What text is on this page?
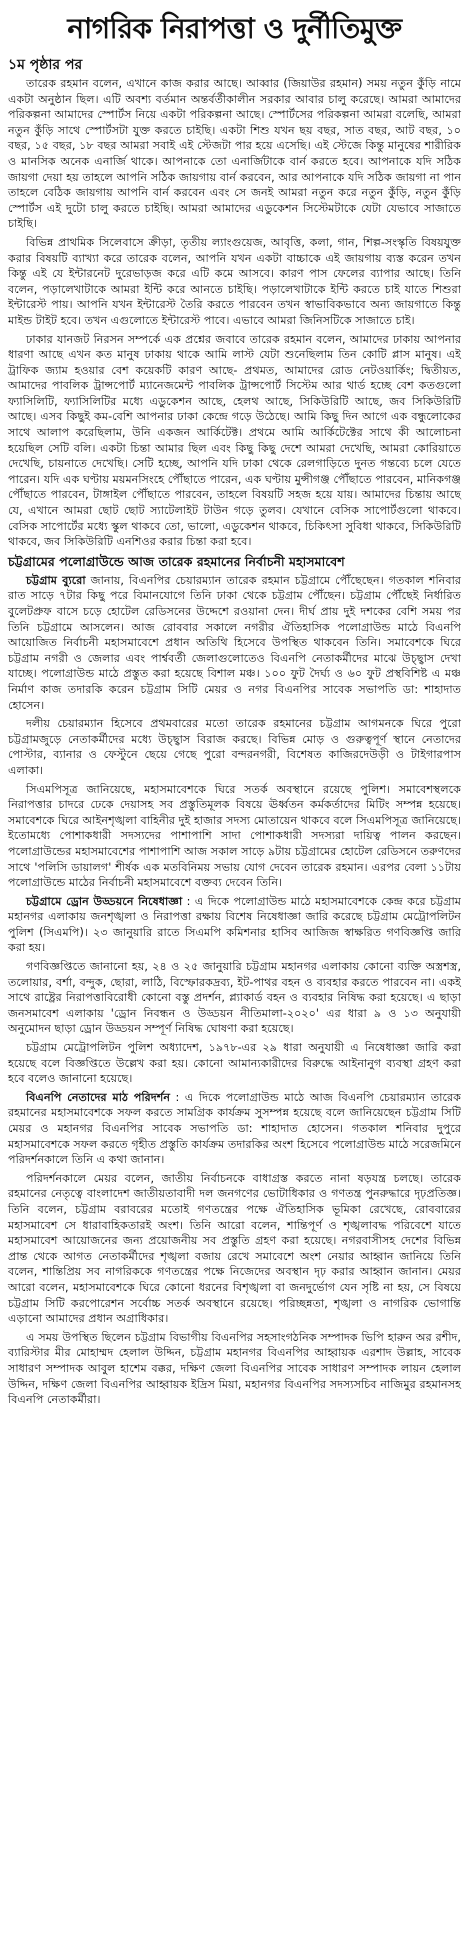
নাগরিক নিরাপত্তা ও দুর্নীতিমুক্ত
১ম পৃষ্ঠার পর

তারেক রহমান বলেন, এখানে কাজ করার আছে। আব্বার (জিয়াউর রহমান) সময় নতুন কুঁড়ি নামে একটা অনুষ্ঠান ছিল। এটি অবশ্য বর্তমান অন্তর্বর্তীকালীন সরকার আবার চালু করেছে। আমরা আমাদের পরিকল্পনা আমাদের স্পোর্টস নিয়ে একটা পরিকল্পনা আছে। স্পোর্টসের পরিকল্পনা আমরা বলেছি, আমরা নতুন কুঁড়ি সাথে স্পোর্টসটা যুক্ত করতে চাইছি। একটা শিশু যখন ছয় বছর, সাত বছর, আট বছর, ১০ বছর, ১৫ বছর, ১৮ বছর আমরা সবাই এই স্টেজটা পার হয়ে এসেছি। এই স্টেজে কিন্তু মানুষের শারীরিক ও মানসিক অনেক এনার্জি থাকে। আপনাকে তো এনার্জিটাকে বার্ন করতে হবে। আপনাকে যদি সঠিক জায়গা দেয়া হয় তাহলে আপনি সঠিক জায়গায় বার্ন করবেন, আর আপনাকে যদি সঠিক জায়গা না পান তাহলে বেঠিক জায়গায় আপনি বার্ন করবেন এবং সে জনই আমরা নতুন করে নতুন কুঁড়ি, নতুন কুঁড়ি স্পোর্টস এই দুটো চালু করতে চাইছি। আমরা আমাদের এডুকেশন সিস্টেমটাকে যেটা যেভাবে সাজাতে চাইছি।

বিভিন্ন প্রাথমিক সিলেবাসে ক্রীড়া, তৃতীয় ল্যাংগুয়েজ, আবৃত্তি, কলা, গান, শিল্প-সংস্কৃতি বিষয়যুক্ত করার বিষয়টি ব্যাখ্যা করে তারেক বলেন, আপনি যখন একটা বাচ্চাকে এই জায়গায় ব্যস্ত করেন তখন কিন্তু এই যে ইন্টারনেট দুরেভাড়জ করে এটি কমে আসবে। কারণ পাস ফেলের ব্যাপার আছে। তিনি বলেন, পড়ালেখাটাকে আমরা ইন্টি করে আনতে চাইছি। পড়ালেখাটাকে ইন্টি করতে চাই যাতে শিশুরা ইন্টারেস্ট পায়। আপনি যখন ইন্টারেস্ট তৈরি করতে পারবেন তখন স্বাভাবিকভাবে অন্য জায়গাতে কিন্তু মাইন্ড টাইট হবে। তখন এগুলোতে ইন্টারেস্ট পাবে। এভাবে আমরা জিনিসটিকে সাজাতে চাই।

ঢাকার যানজট নিরসন সম্পর্কে এক প্রশ্নের জবাবে তারেক রহমান বলেন, আমাদের ঢাকায় আপনার ধারণা আছে এখন কত মানুষ ঢাকায় থাকে আমি লাস্ট যেটা শুনেছিলাম তিন কোটি প্লাস মানুষ। এই ট্রাফিক জ্যাম হওয়ার বেশ কয়েকটি কারণ আছে- প্রথমত, আমাদের রোড নেটওয়ার্কিং; দ্বিতীয়ত, আমাদের পাবলিক ট্রান্সপোর্ট ম্যানেজমেন্ট পাবলিক ট্রান্সপোর্ট সিস্টেম আর থার্ড হচ্ছে বেশ কতগুলো ফ্যাসিলিটি, ফ্যাসিলিটির মধ্যে এডুকেশন আছে, হেলথ আছে, সিকিউরিটি আছে, জব সিকিউরিটি আছে। এসব কিছুই কম-বেশি আপনার ঢাকা কেন্দ্রে গড়ে উঠেছে। আমি কিছু দিন আগে এক বন্ধুলোকের সাথে আলাপ করেছিলাম, উনি একজন আর্কিটেক্ট। প্রথমে আমি আর্কিটেক্টের সাথে কী আলোচনা হয়েছিল সেটি বলি। একটা চিন্তা আমার ছিল এবং কিছু কিছু দেশে আমরা দেখেছি, আমরা কোরিয়াতে দেখেছি, চায়নাতে দেখেছি। সেটি হচ্ছে, আপনি যদি ঢাকা থেকে রেলগাড়িতে দুনত গন্তব্যে চলে যেতে পারেন। যদি এক ঘণ্টায় ময়মনসিংহে পৌঁছাতে পারেন, এক ঘণ্টায় মুন্সীগঞ্জ পৌঁছাতে পারবেন, মানিকগঞ্জ পৌঁছাতে পারবেন, টাঙ্গাইল পৌঁছাতে পারবেন, তাহলে বিষয়টি সহজ হয়ে যায়। আমাদের চিন্তায় আছে যে, এখানে আমরা ছোট ছোট স্যাটেলাইট টাউন গড়ে তুলব। যেখানে বেসিক সাপোর্টগুলো থাকবে। বেসিক সাপোর্টের মধ্যে স্কুল থাকবে তো, ভালো, এডুকেশন থাকবে, চিকিৎসা সুবিধা থাকবে, সিকিউরিটি থাকবে, জব সিকিউরিটি এনশিওর করার চিন্তা করা হবে।

চট্টগ্রামের পলোগ্রাউন্ডে আজ তারেক রহমানের নির্বাচনী মহাসমাবেশ

চট্টগ্রাম ব্যুরো জানায়, বিএনপির চেয়ারম্যান তারেক রহমান চট্টগ্রামে পৌঁছেছেন। গতকাল শনিবার রাত সাড়ে ৭টার কিছু পরে বিমানযোগে তিনি ঢাকা থেকে চট্টগ্রাম পৌঁছেন। চট্টগ্রাম পৌঁছেই নির্ধারিত বুলেটপ্রুফ বাসে চড়ে হোটেল রেডিসনের উদ্দেশে রওয়ানা দেন। দীর্ঘ প্রায় দুই দশকের বেশি সময় পর তিনি চট্টগ্রামে আসলেন। আজ রোববার সকালে নগরীর ঐতিহাসিক পলোগ্রাউন্ড মাঠে বিএনপি আয়োজিত নির্বাচনী মহাসমাবেশে প্রধান অতিথি হিসেবে উপস্থিত থাকবেন তিনি। সমাবেশকে ঘিরে চট্টগ্রাম নগরী ও জেলার এবং পার্শ্ববর্তী জেলাগুলোতেও বিএনপি নেতাকর্মীদের মাঝে উচ্ছ্বাস দেখা যাচ্ছে। পলোগ্রাউন্ড মাঠে প্রস্তুত করা হয়েছে বিশাল মঞ্চ। ১০০ ফুট দৈর্ঘ্য ও ৬০ ফুট প্রস্থবিশিষ্ট এ মঞ্চ নির্মাণ কাজ তদারকি করেন চট্টগ্রাম সিটি মেয়র ও নগর বিএনপির সাবেক সভাপতি ডা: শাহাদাত হোসেন।

দলীয় চেয়ারম্যান হিসেবে প্রথমবারের মতো তারেক রহমানের চট্টগ্রাম আগমনকে ঘিরে পুরো চট্টগ্রামজুড়ে নেতাকর্মীদের মধ্যে উচ্ছ্বাস বিরাজ করছে। বিভিন্ন মোড় ও গুরুত্বপূর্ণ স্থানে নেতাদের পোস্টার, ব্যানার ও ফেস্টুনে ছেয়ে গেছে পুরো বন্দরনগরী, বিশেষত কাজিরদেউড়ী ও টাইগারপাস এলাকা।

সিএমপিসূত্র জানিয়েছে, মহাসমাবেশকে ঘিরে সতর্ক অবস্থানে রয়েছে পুলিশ। সমাবেশস্থলকে নিরাপত্তার চাদরে ঢেকে দেয়াসহ সব প্রস্তুতিমূলক বিষয়ে ঊর্ধ্বতন কর্মকর্তাদের মিটিং সম্পন্ন হয়েছে। সমাবেশকে ঘিরে আইনশৃঙ্খলা বাহিনীর দুই হাজার সদস্য মোতায়েন থাকবে বলে সিএমপিসূত্র জানিয়েছে। ইতোমধ্যে পোশাকধারী সদস্যদের পাশাপাশি সাদা পোশাকধারী সদস্যরা দায়িত্ব পালন করছেন। পলোগ্রাউন্ডের মহাসমাবেশের পাশাপাশি আজ সকাল সাড়ে ৯টায় চট্টগ্রামের হোটেল রেডিসনে তরুণদের সাথে 'পলিসি ডায়ালগ' শীর্ষক এক মতবিনিময় সভায় যোগ দেবেন তারেক রহমান। এরপর বেলা ১১টায় পলোগ্রাউন্ডে মাঠের নির্বাচনী মহাসমাবেশে বক্তব্য দেবেন তিনি।

চট্টগ্রামে ড্রোন উড্ডয়নে নিষেধাজ্ঞা : এ দিকে পলোগ্রাউন্ড মাঠে মহাসমাবেশকে কেন্দ্র করে চট্টগ্রাম মহানগর এলাকায় জনশৃঙ্খলা ও নিরাপত্তা রক্ষায় বিশেষ নিষেধাজ্ঞা জারি করেছে চট্টগ্রাম মেট্রোপলিটন পুলিশ (সিএমপি)। ২৩ জানুয়ারি রাতে সিএমপি কমিশনার হাসিব আজিজ স্বাক্ষরিত গণবিজ্ঞপ্তি জারি করা হয়।

গণবিজ্ঞপ্তিতে জানানো হয়, ২৪ ও ২৫ জানুয়ারি চট্টগ্রাম মহানগর এলাকায় কোনো ব্যক্তি অস্ত্রশস্ত্র, তলোয়ার, বর্শা, বন্দুক, ছোরা, লাঠি, বিস্ফোরকদ্রব্য, ইট-পাথর বহন ও ব্যবহার করতে পারবেন না। একই সাথে রাষ্ট্রের নিরাপত্তাবিরোধী কোনো বস্তু প্রদর্শন, প্ল্যাকার্ড বহন ও ব্যবহার নিষিদ্ধ করা হয়েছে। এ ছাড়া জনসমাবেশ এলাকায় 'ড্রোন নিবন্ধন ও উড্ডয়ন নীতিমালা-২০২০' এর ধারা ৯ ও ১৩ অনুযায়ী অনুমোদন ছাড়া ড্রোন উড্ডয়ন সম্পূর্ণ নিষিদ্ধ ঘোষণা করা হয়েছে।

চট্টগ্রাম মেট্রোপলিটন পুলিশ অধ্যাদেশ, ১৯৭৮-এর ২৯ ধারা অনুযায়ী এ নিষেধাজ্ঞা জারি করা হয়েছে বলে বিজ্ঞপ্তিতে উল্লেখ করা হয়। কোনো আমান্যকারীদের বিরুদ্ধে আইনানুগ ব্যবস্থা গ্রহণ করা হবে বলেও জানানো হয়েছে।

বিএনপি নেতাদের মাঠ পরিদর্শন : এ দিকে পলোগ্রাউন্ড মাঠে আজ বিএনপি চেয়ারম্যান তারেক রহমানের মহাসমাবেশকে সফল করতে সামগ্রিক কার্যক্রম সুসম্পন্ন হয়েছে বলে জানিয়েছেন চট্টগ্রাম সিটি মেয়র ও মহানগর বিএনপির সাবেক সভাপতি ডা: শাহাদাত হোসেন। গতকাল শনিবার দুপুরে মহাসমাবেশকে সফল করতে গৃহীত প্রস্তুতি কার্যক্রম তদারকির অংশ হিসেবে পলোগ্রাউন্ড মাঠে সরেজমিনে পরিদর্শনকালে তিনি এ কথা জানান।

পরিদর্শনকালে মেয়র বলেন, জাতীয় নির্বাচনকে বাধাগ্রস্ত করতে নানা ষড়যন্ত্র চলছে। তারেক রহমানের নেতৃত্বে বাংলাদেশ জাতীয়তাবাদী দল জনগণের ভোটাধিকার ও গণতন্ত্র পুনরুদ্ধারে দৃঢ়প্রতিজ্ঞ। তিনি বলেন, চট্টগ্রাম বরাবরের মতোই গণতন্ত্রের পক্ষে ঐতিহাসিক ভূমিকা রেখেছে, রোববারের মহাসমাবেশ সে ধারাবাহিকতারই অংশ। তিনি আরো বলেন, শান্তিপূর্ণ ও শৃঙ্খলাবদ্ধ পরিবেশে যাতে মহাসমাবেশ আয়োজনের জন্য প্রয়োজনীয় সব প্রস্তুতি গ্রহণ করা হয়েছে। নগরবাসীসহ দেশের বিভিন্ন প্রান্ত থেকে আগত নেতাকর্মীদের শৃঙ্খলা বজায় রেখে সমাবেশে অংশ নেয়ার আহ্বান জানিয়ে তিনি বলেন, শান্তিপ্রিয় সব নাগরিককে গণতন্ত্রের পক্ষে নিজেদের অবস্থান দৃঢ় করার আহ্বান জানান। মেয়র আরো বলেন, মহাসমাবেশকে ঘিরে কোনো ধরনের বিশৃঙ্খলা বা জনদুর্ভোগ যেন সৃষ্টি না হয়, সে বিষয়ে চট্টগ্রাম সিটি করপোরেশন সর্বোচ্চ সতর্ক অবস্থানে রয়েছে। পরিচ্ছন্নতা, শৃঙ্খলা ও নাগরিক ভোগান্তি এড়ানো আমাদের প্রধান অগ্রাধিকার।

এ সময় উপস্থিত ছিলেন চট্টগ্রাম বিভাগীয় বিএনপির সহসাংগঠনিক সম্পাদক ভিপি হারুন অর রশীদ, ব্যারিস্টার মীর মোহাম্মদ হেলাল উদ্দিন, চট্টগ্রাম মহানগর বিএনপির আহ্বায়ক এরশাদ উল্লাহ, সাবেক সাধারণ সম্পাদক আবুল হাশেম বক্কর, দক্ষিণ জেলা বিএনপির সাবেক সাধারণ সম্পাদক লায়ন হেলাল উদ্দিন, দক্ষিণ জেলা বিএনপির আহ্বায়ক ইদ্রিস মিয়া, মহানগর বিএনপির সদস্যসচিব নাজিমুর রহমানসহ বিএনপি নেতাকর্মীরা।
